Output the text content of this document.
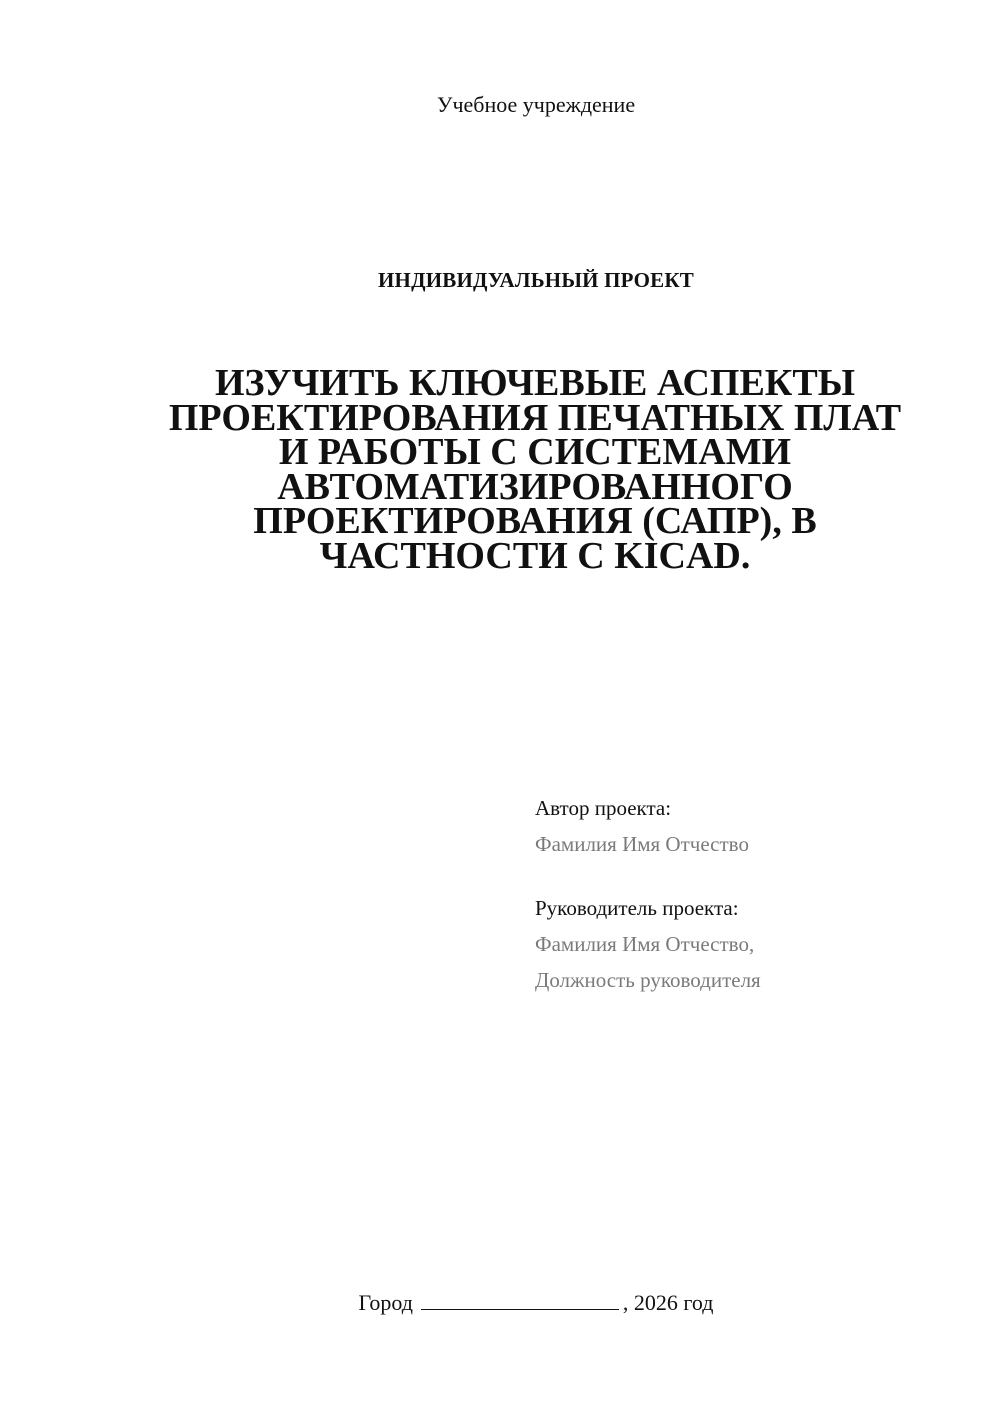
Учебное учреждение
ИНДИВИДУАЛЬНЫЙ ПРОЕКТ
ИЗУЧИТЬ КЛЮЧЕВЫЕ АСПЕКТЫ
ПРОЕКТИРОВАНИЯ ПЕЧАТНЫХ ПЛАТ
И РАБОТЫ С СИСТЕМАМИ
АВТОМАТИЗИРОВАННОГО
ПРОЕКТИРОВАНИЯ (САПР), В
ЧАСТНОСТИ С KICAD.
Автор проекта:
Фамилия Имя Отчество
Руководитель проекта:
Фамилия Имя Отчество,
Должность руководителя
Город	, 2026 год
